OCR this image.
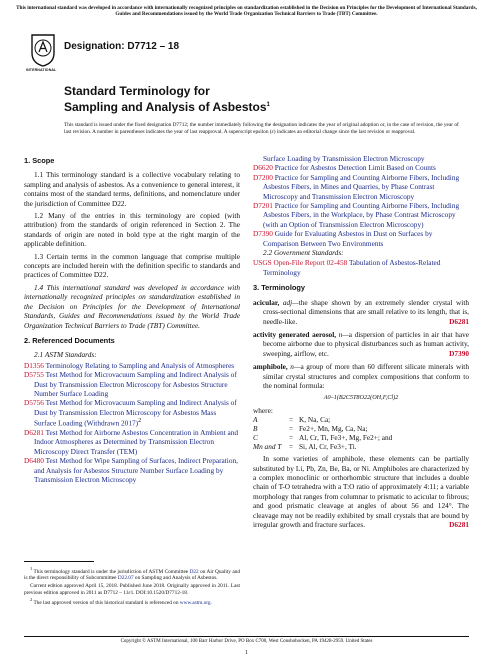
This international standard was developed in accordance with internationally recognized principles on standardization established in the Decision on Principles for the Development of International Standards, Guides and Recommendations issued by the World Trade Organization Technical Barriers to Trade (TBT) Committee.
INTERNATIONAL
Designation: D7712 – 18
Standard Terminology for
Sampling and Analysis of Asbestos$^1$
This standard is issued under the fixed designation D7712; the number immediately following the designation indicates the year of original adoption or, in the case of revision, the year of last revision. A number in parentheses indicates the year of last reapproval. A superscript epsilon (ε) indicates an editorial change since the last revision or reapproval.
1. Scope

1.1 This terminology standard is a collective vocabulary relating to sampling and analysis of asbestos. As a convenience to general interest, it contains most of the standard terms, definitions, and nomenclature under the jurisdiction of Committee D22.

1.2 Many of the entries in this terminology are copied (with attribution) from the standards of origin referenced in Section 2. The standards of origin are noted in bold type at the right margin of the applicable definition.

1.3 Certain terms in the common language that comprise multiple concepts are included herein with the definition specific to standards and practices of Committee D22.

1.4 This international standard was developed in accordance with internationally recognized principles on standardization established in the Decision on Principles for the Development of International Standards, Guides and Recommendations issued by the World Trade Organization Technical Barriers to Trade (TBT) Committee.

2. Referenced Documents
2.1 ASTM Standards:
D1356 Terminology Relating to Sampling and Analysis of Atmospheres
D5755 Test Method for Microvacuum Sampling and Indirect Analysis of Dust by Transmission Electron Microscopy for Asbestos Structure Number Surface Loading
D5756 Test Method for Microvacuum Sampling and Indirect Analysis of Dust by Transmission Electron Microscopy for Asbestos Mass Surface Loading (Withdrawn 2017)$^2$
D6281 Test Method for Airborne Asbestos Concentration in Ambient and Indoor Atmospheres as Determined by Transmission Electron Microscopy Direct Transfer (TEM)
D6480 Test Method for Wipe Sampling of Surfaces, Indirect Preparation, and Analysis for Asbestos Structure Number Surface Loading by Transmission Electron Microscopy

$^1$ This terminology standard is under the jurisdiction of ASTM Committee D22 on Air Quality and is the direct responsibility of Subcommittee D22.07 on Sampling and Analysis of Asbestos.

Current edition approved April 15, 2018. Published June 2018. Originally approved in 2011. Last previous edition approved in 2011 as D7712 – 11ε1. DOI:10.1520/D7712-18.

$^2$ The last approved version of this historical standard is referenced on www.astm.org.

Surface Loading by Transmission Electron Microscopy
D6620 Practice for Asbestos Detection Limit Based on Counts
D7200 Practice for Sampling and Counting Airborne Fibers, Including Asbestos Fibers, in Mines and Quarries, by Phase Contrast Microscopy and Transmission Electron Microscopy
D7201 Practice for Sampling and Counting Airborne Fibers, Including Asbestos Fibers, in the Workplace, by Phase Contrast Microscopy (with an Option of Transmission Electron Microscopy)
D7390 Guide for Evaluating Asbestos in Dust on Surfaces by Comparison Between Two Environments
2.2 Government Standards:
USGS Open-File Report 02-458 Tabulation of Asbestos-Related Terminology
3. Terminology

acicular, adj—the shape shown by an extremely slender crystal with cross-sectional dimensions that are small relative to its length, that is, needle-like.	D6281

activity generated aerosol, n—a dispersion of particles in air that have become airborne due to physical disturbances such as human activity, sweeping, airflow, etc.	D7390

amphibole, n—a group of more than 60 different silicate minerals with similar crystal structures and complex compositions that conform to the nominal formula:

A0–1(B2C5T8O22(OH,F,Cl)2

where:

A	= K, Na, Ca;
B	= Fe2+, Mn, Mg, Ca, Na;
C	= Al, Cr, Ti, Fe3+, Mg, Fe2+; and
Mn and T	= Si, Al, Cr, Fe3+, Ti.

In some varieties of amphibole, these elements can be partially substituted by Li, Pb, Zn, Be, Ba, or Ni. Amphiboles are characterized by a complex monoclinic or orthorhombic structure that includes a double chain of T-O tetrahedra with a T:O ratio of approximately 4:11; a variable morphology that ranges from columnar to prismatic to acicular to fibrous; and good prismatic cleavage at angles of about 56 and 124°. The cleavage may not be readily exhibited by small crystals that are bound by irregular growth and fracture surfaces.	D6281

Copyright © ASTM International, 100 Barr Harbor Drive, PO Box C700, West Conshohocken, PA 19428-2959. United States
1
